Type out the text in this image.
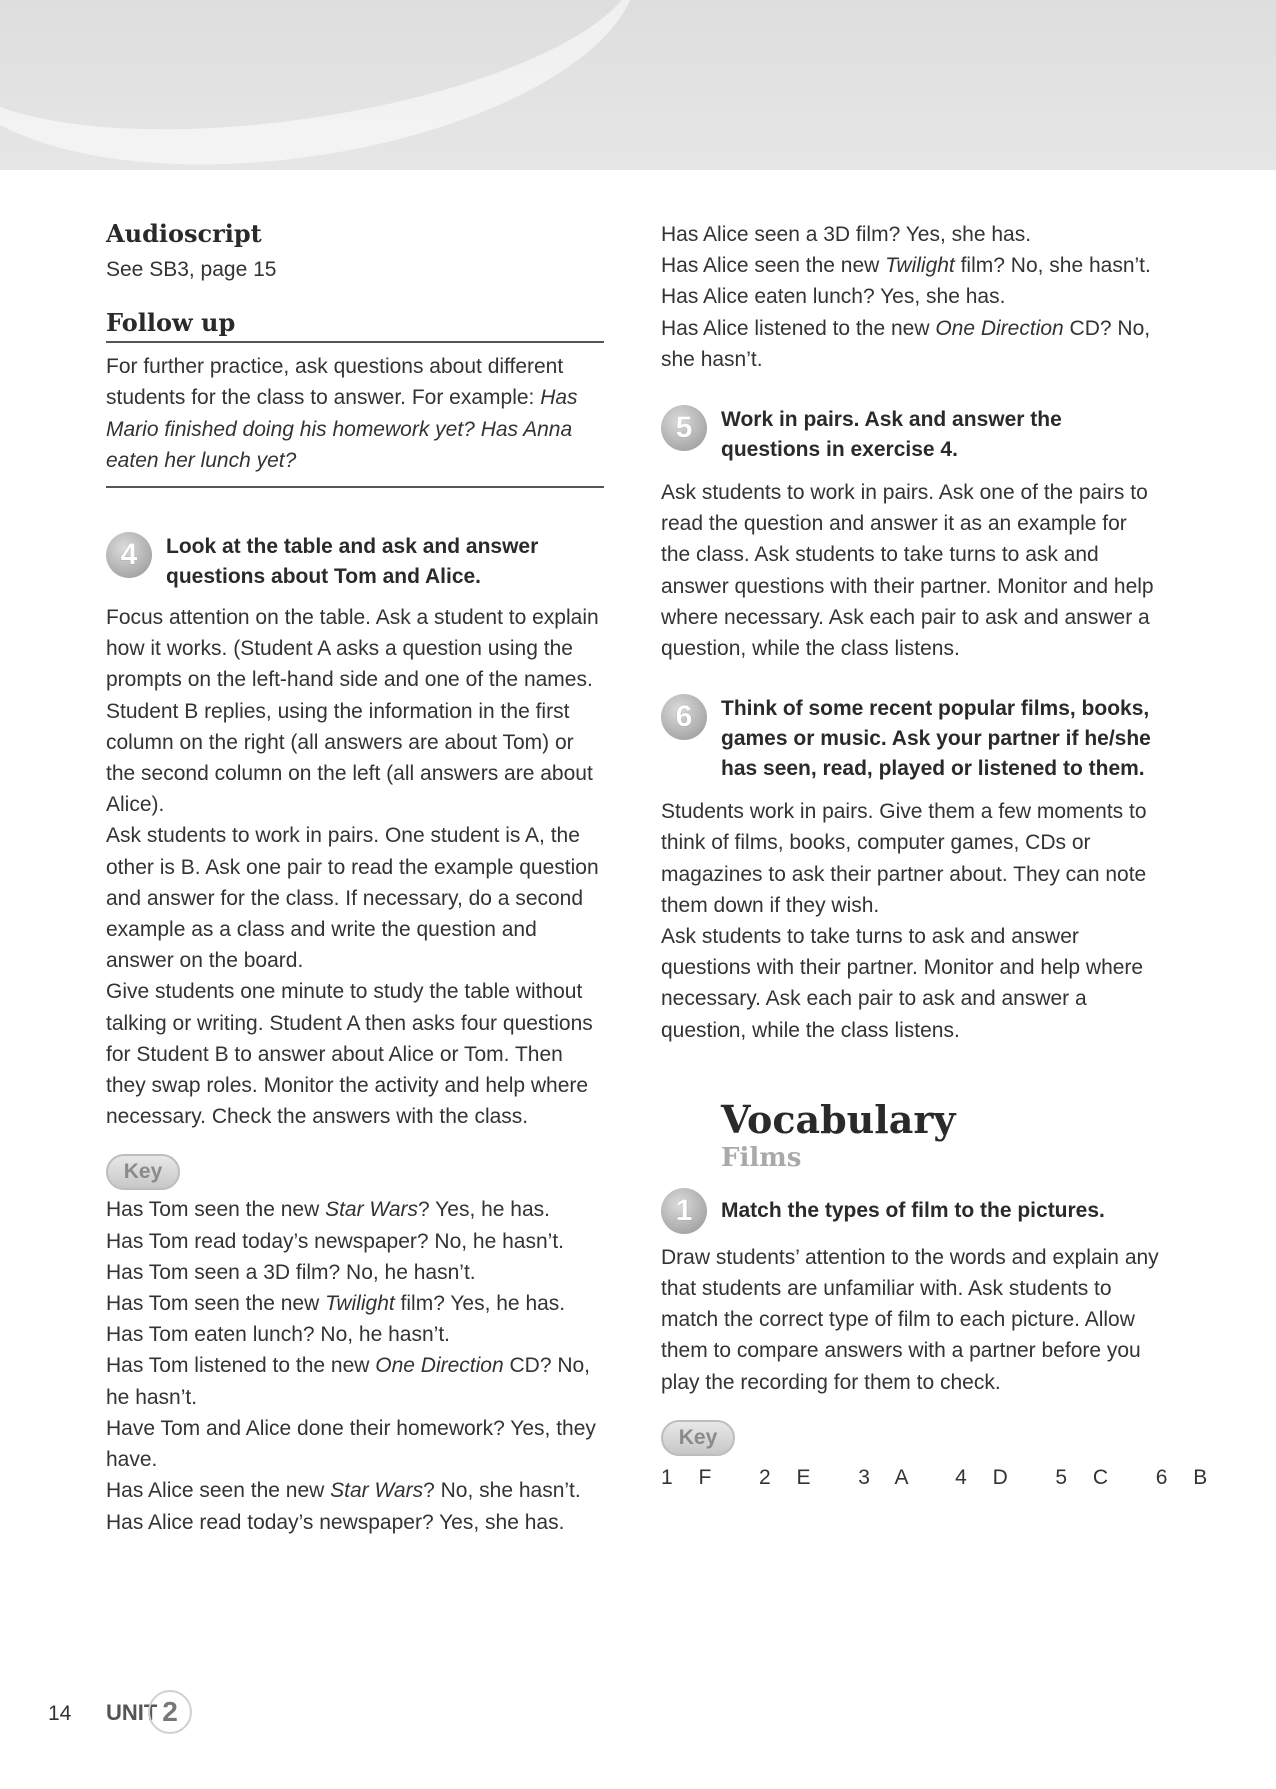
Audioscript

See SB3, page 15

Follow up

For further practice, ask questions about different students for the class to answer. For example: Has Mario finished doing his homework yet? Has Anna eaten her lunch yet?

4	Look at the table and ask and answer questions about Tom and Alice.

Focus attention on the table. Ask a student to explain how it works. (Student A asks a question using the prompts on the left-hand side and one of the names. Student B replies, using the information in the first column on the right (all answers are about Tom) or the second column on the left (all answers are about Alice).

Ask students to work in pairs. One student is A, the other is B. Ask one pair to read the example question and answer for the class. If necessary, do a second example as a class and write the question and answer on the board.

Give students one minute to study the table without talking or writing. Student A then asks four questions for Student B to answer about Alice or Tom. Then they swap roles. Monitor the activity and help where necessary. Check the answers with the class.

Key

Has Tom seen the new Star Wars? Yes, he has.

Has Tom read today’s newspaper? No, he hasn’t.

Has Tom seen a 3D film? No, he hasn’t.

Has Tom seen the new Twilight film? Yes, he has.

Has Tom eaten lunch? No, he hasn’t.

Has Tom listened to the new One Direction CD? No, he hasn’t.

Have Tom and Alice done their homework? Yes, they have.

Has Alice seen the new Star Wars? No, she hasn’t.

Has Alice read today’s newspaper? Yes, she has.

Has Alice seen a 3D film? Yes, she has.

Has Alice seen the new Twilight film? No, she hasn’t.

Has Alice eaten lunch? Yes, she has.

Has Alice listened to the new One Direction CD? No, she hasn’t.

5	Work in pairs. Ask and answer the questions in exercise 4.

Ask students to work in pairs. Ask one of the pairs to read the question and answer it as an example for the class. Ask students to take turns to ask and answer questions with their partner. Monitor and help where necessary. Ask each pair to ask and answer a question, while the class listens.

6	Think of some recent popular films, books, games or music. Ask your partner if he/she has seen, read, played or listened to them.

Students work in pairs. Give them a few moments to think of films, books, computer games, CDs or magazines to ask their partner about. They can note them down if they wish.

Ask students to take turns to ask and answer questions with their partner. Monitor and help where necessary. Ask each pair to ask and answer a question, while the class listens.

Vocabulary
Films
1	Match the types of film to the pictures.

Draw students’ attention to the words and explain any that students are unfamiliar with. Ask students to match the correct type of film to each picture. Allow them to compare answers with a partner before you play the recording for them to check.

Key

1 F  2 E  3 A  4 D  5 C  6 B

14 UNIT 2
